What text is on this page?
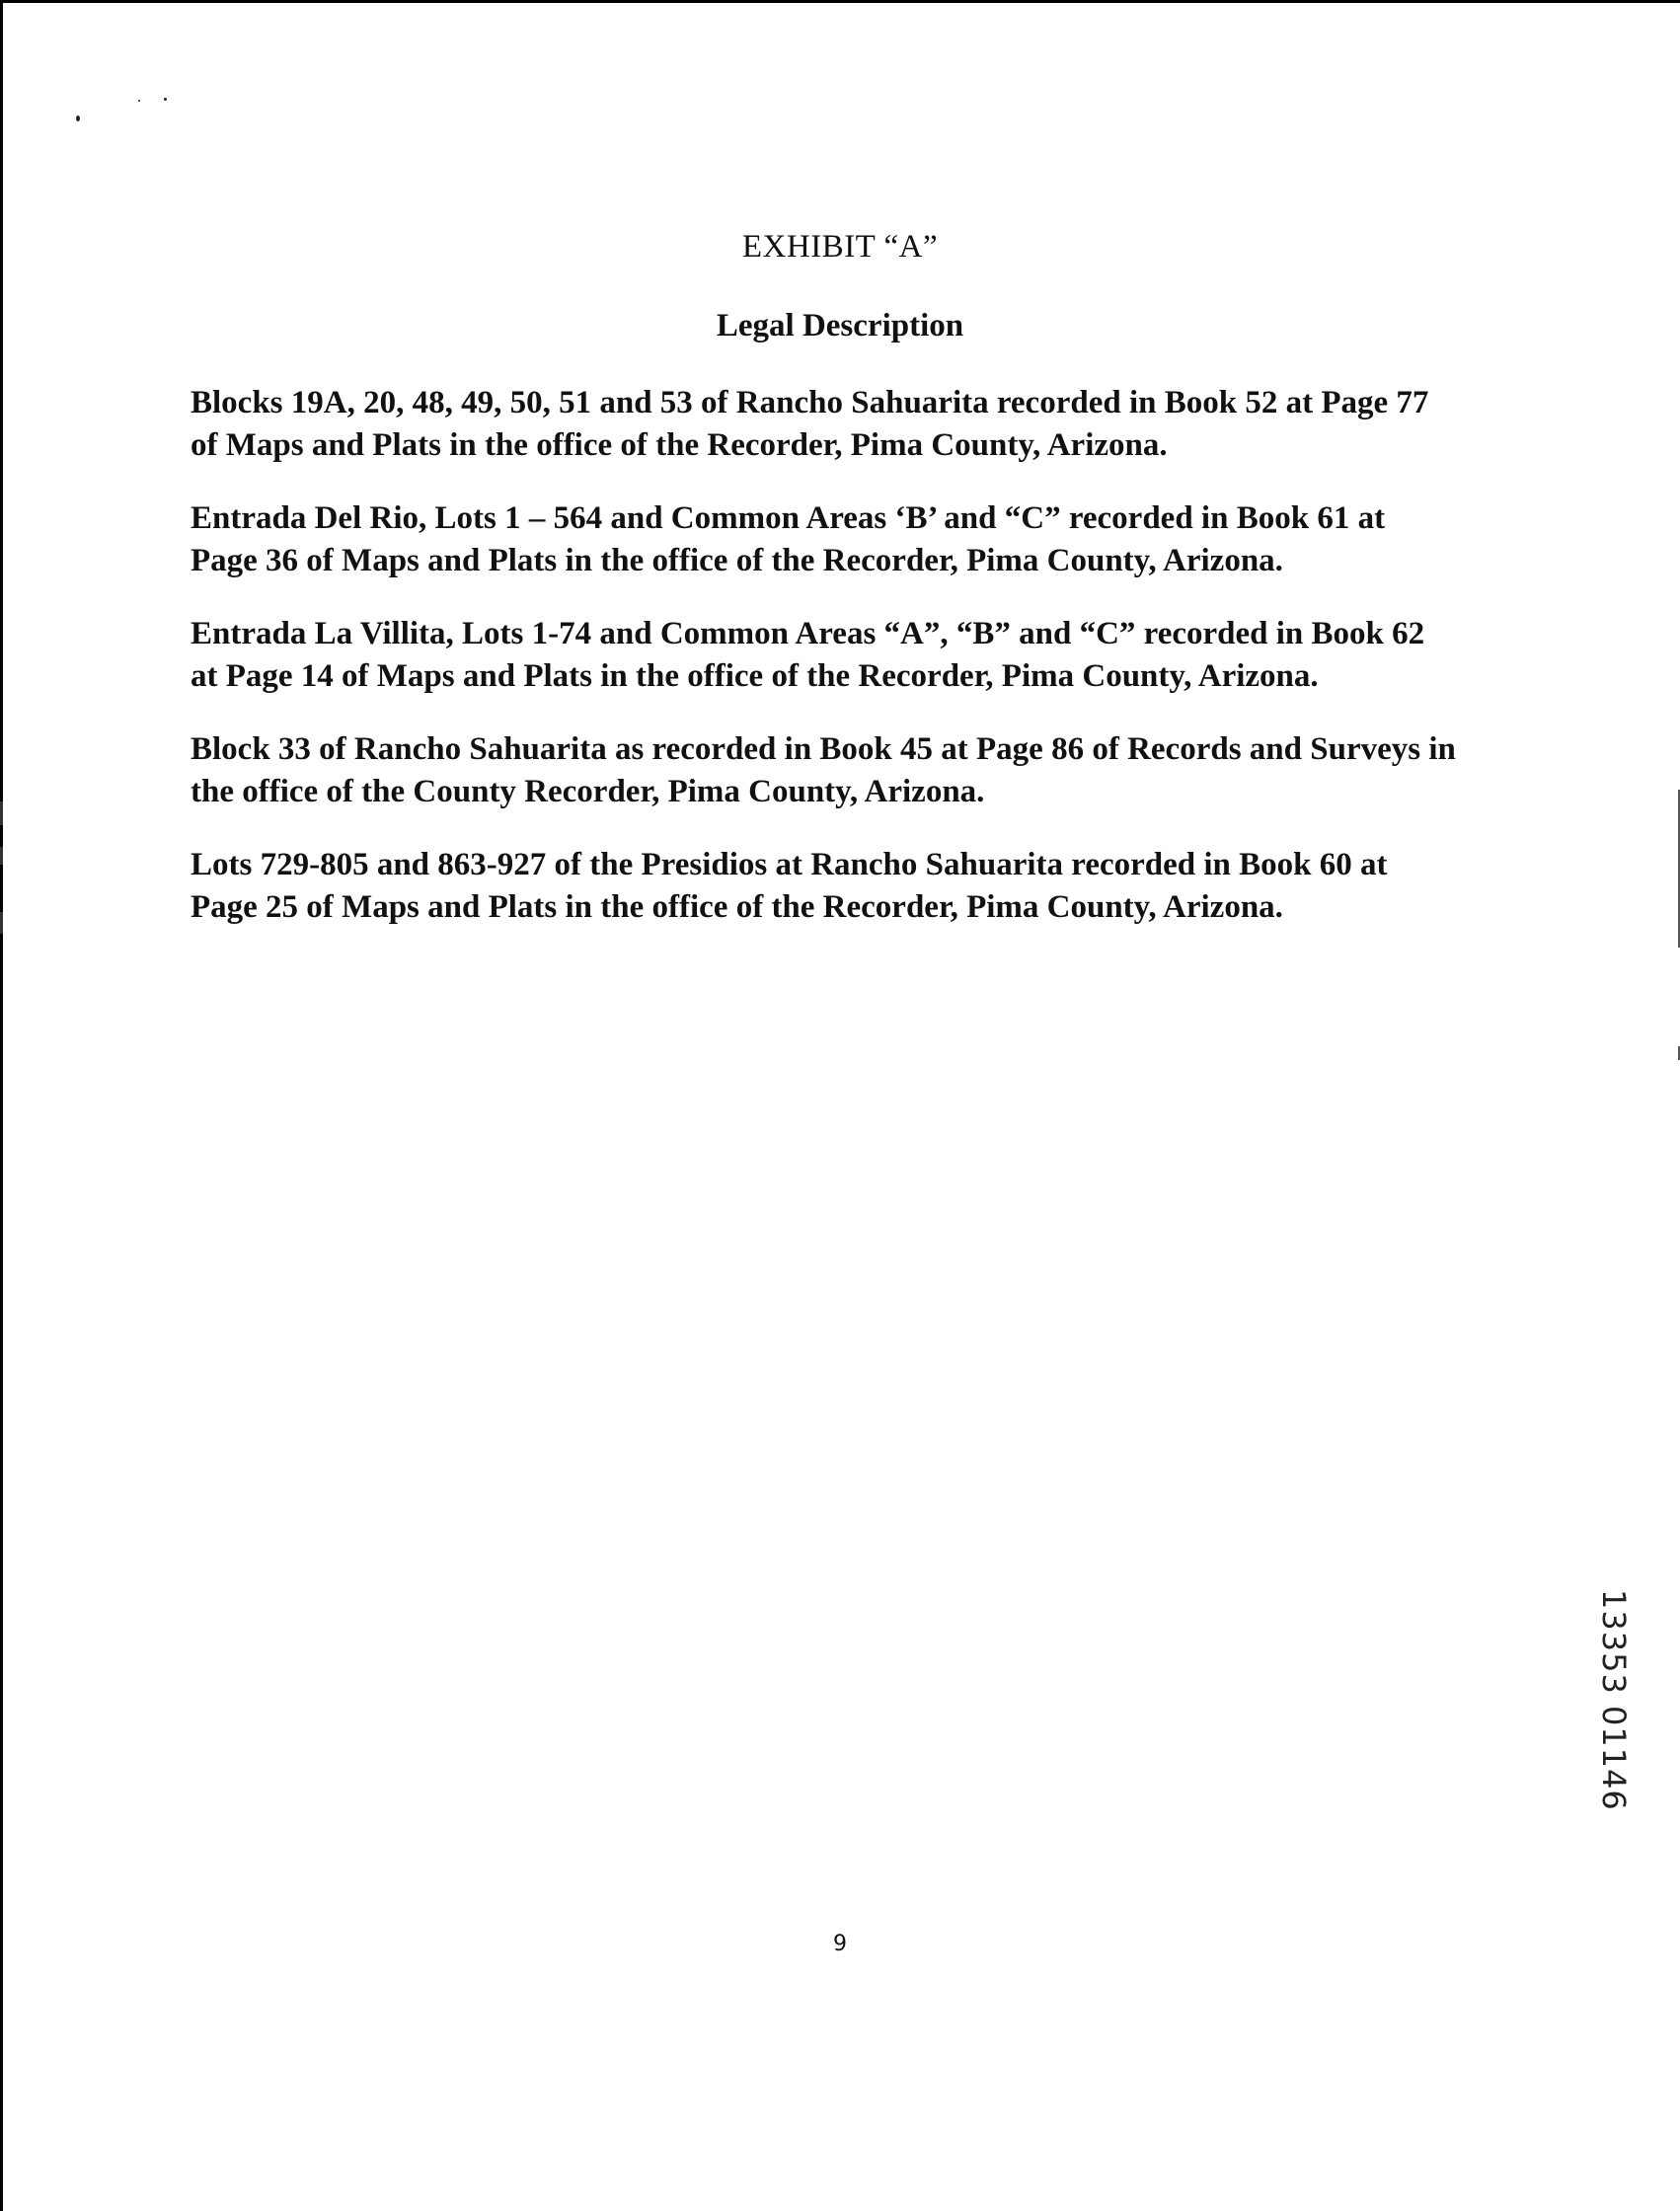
EXHIBIT “A”
Legal Description

Blocks 19A, 20, 48, 49, 50, 51 and 53 of Rancho Sahuarita recorded in Book 52 at Page 77
of Maps and Plats in the office of the Recorder, Pima County, Arizona.

Entrada Del Rio, Lots 1 – 564 and Common Areas ‘B’ and “C” recorded in Book 61 at
Page 36 of Maps and Plats in the office of the Recorder, Pima County, Arizona.

Entrada La Villita, Lots 1-74 and Common Areas “A”, “B” and “C” recorded in Book 62
at Page 14 of Maps and Plats in the office of the Recorder, Pima County, Arizona.

Block 33 of Rancho Sahuarita as recorded in Book 45 at Page 86 of Records and Surveys in
the office of the County Recorder, Pima County, Arizona.

Lots 729-805 and 863-927 of the Presidios at Rancho Sahuarita recorded in Book 60 at
Page 25 of Maps and Plats in the office of the Recorder, Pima County, Arizona.

13353 01146
9
